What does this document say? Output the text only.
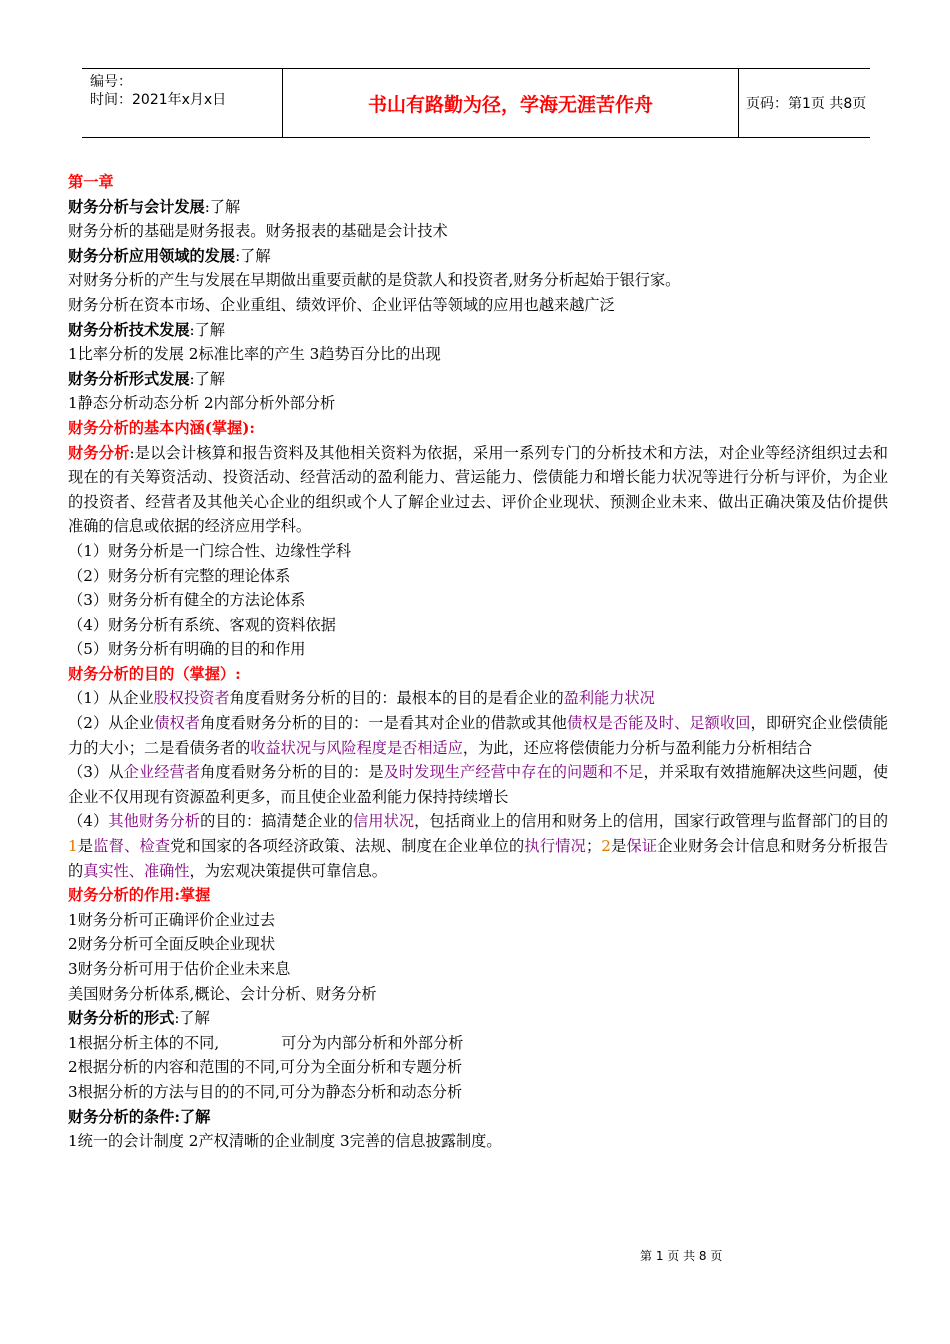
编号：
时间：2021年x月x日	书山有路勤为径，学海无涯苦作舟	页码：第1页 共8页

第一章

财务分析与会计发展:了解

财务分析的基础是财务报表。财务报表的基础是会计技术

财务分析应用领域的发展:了解

对财务分析的产生与发展在早期做出重要贡献的是贷款人和投资者,财务分析起始于银行家。

财务分析在资本市场、企业重组、绩效评价、企业评估等领域的应用也越来越广泛

财务分析技术发展:了解

1比率分析的发展 2标准比率的产生 3趋势百分比的出现

财务分析形式发展:了解

1静态分析动态分析 2内部分析外部分析

财务分析的基本内涵(掌握):

财务分析:是以会计核算和报告资料及其他相关资料为依据，采用一系列专门的分析技术和方法，对企业等经济组织过去和现在的有关筹资活动、投资活动、经营活动的盈利能力、营运能力、偿债能力和增长能力状况等进行分析与评价，为企业的投资者、经营者及其他关心企业的组织或个人了解企业过去、评价企业现状、预测企业未来、做出正确决策及估价提供准确的信息或依据的经济应用学科。

（1）财务分析是一门综合性、边缘性学科

（2）财务分析有完整的理论体系

（3）财务分析有健全的方法论体系

（4）财务分析有系统、客观的资料依据

（5）财务分析有明确的目的和作用

财务分析的目的（掌握）:

（1）从企业股权投资者角度看财务分析的目的：最根本的目的是看企业的盈利能力状况

（2）从企业债权者角度看财务分析的目的：一是看其对企业的借款或其他债权是否能及时、足额收回，即研究企业偿债能力的大小；二是看债务者的收益状况与风险程度是否相适应，为此，还应将偿债能力分析与盈利能力分析相结合

（3）从企业经营者角度看财务分析的目的：是及时发现生产经营中存在的问题和不足，并采取有效措施解决这些问题，使企业不仅用现有资源盈利更多，而且使企业盈利能力保持持续增长

（4）其他财务分析的目的：搞清楚企业的信用状况，包括商业上的信用和财务上的信用，国家行政管理与监督部门的目的1是监督、检查党和国家的各项经济政策、法规、制度在企业单位的执行情况；2是保证企业财务会计信息和财务分析报告的真实性、准确性，为宏观决策提供可靠信息。

财务分析的作用:掌握

1财务分析可正确评价企业过去

2财务分析可全面反映企业现状

3财务分析可用于估价企业未来息

美国财务分析体系,概论、会计分析、财务分析

财务分析的形式:了解

1根据分析主体的不同,	可分为内部分析和外部分析

2根据分析的内容和范围的不同,可分为全面分析和专题分析

3根据分析的方法与目的的不同,可分为静态分析和动态分析

财务分析的条件:了解

1统一的会计制度 2产权清晰的企业制度 3完善的信息披露制度。

第 1 页 共 8 页
